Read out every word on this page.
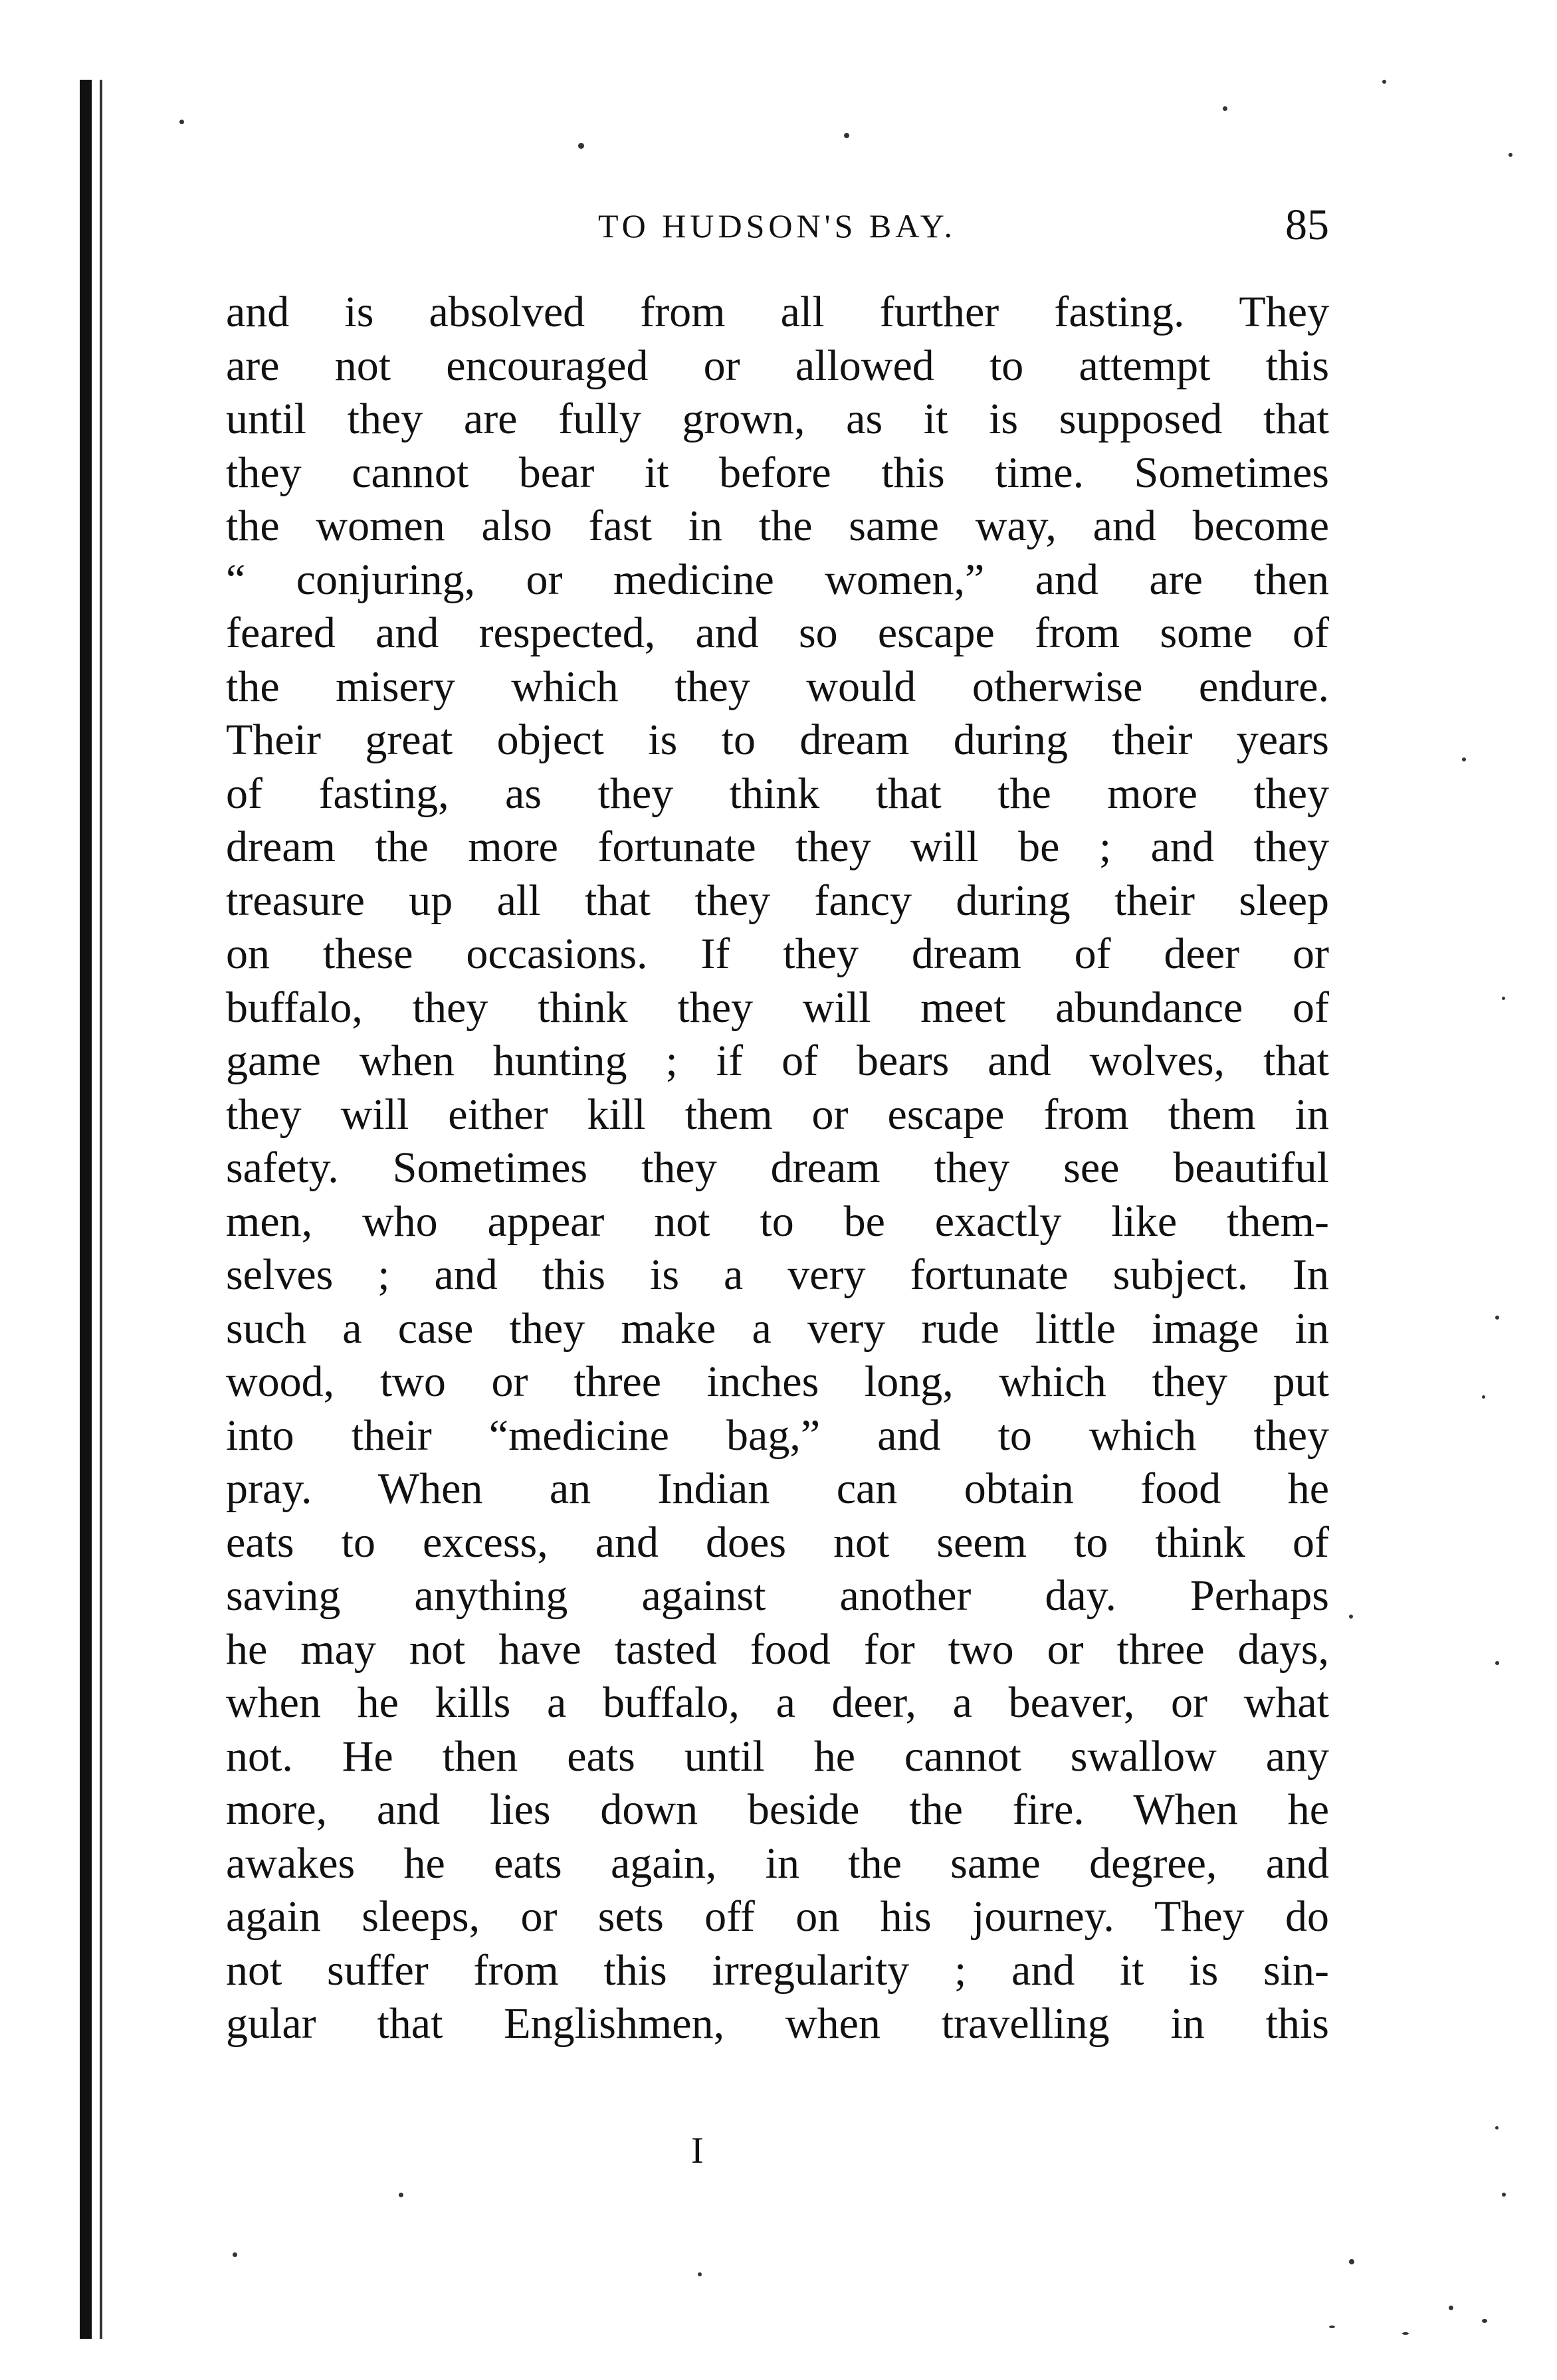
TO HUDSON'S BAY.	85
and is absolved from all further fasting. They
are not encouraged or allowed to attempt this
until they are fully grown, as it is supposed that
they cannot bear it before this time. Sometimes
the women also fast in the same way, and become
“ conjuring, or medicine women,” and are then
feared and respected, and so escape from some of
the misery which they would otherwise endure.
Their great object is to dream during their years
of fasting, as they think that the more they
dream the more fortunate they will be ; and they
treasure up all that they fancy during their sleep
on these occasions. If they dream of deer or
buffalo, they think they will meet abundance of
game when hunting ; if of bears and wolves, that
they will either kill them or escape from them in
safety. Sometimes they dream they see beautiful
men, who appear not to be exactly like them-
selves ; and this is a very fortunate subject. In
such a case they make a very rude little image in
wood, two or three inches long, which they put
into their “medicine bag,” and to which they
pray. When an Indian can obtain food he
eats to excess, and does not seem to think of
saving anything against another day. Perhaps
he may not have tasted food for two or three days,
when he kills a buffalo, a deer, a beaver, or what
not. He then eats until he cannot swallow any
more, and lies down beside the fire. When he
awakes he eats again, in the same degree, and
again sleeps, or sets off on his journey. They do
not suffer from this irregularity ; and it is sin-
gular that Englishmen, when travelling in this
I
